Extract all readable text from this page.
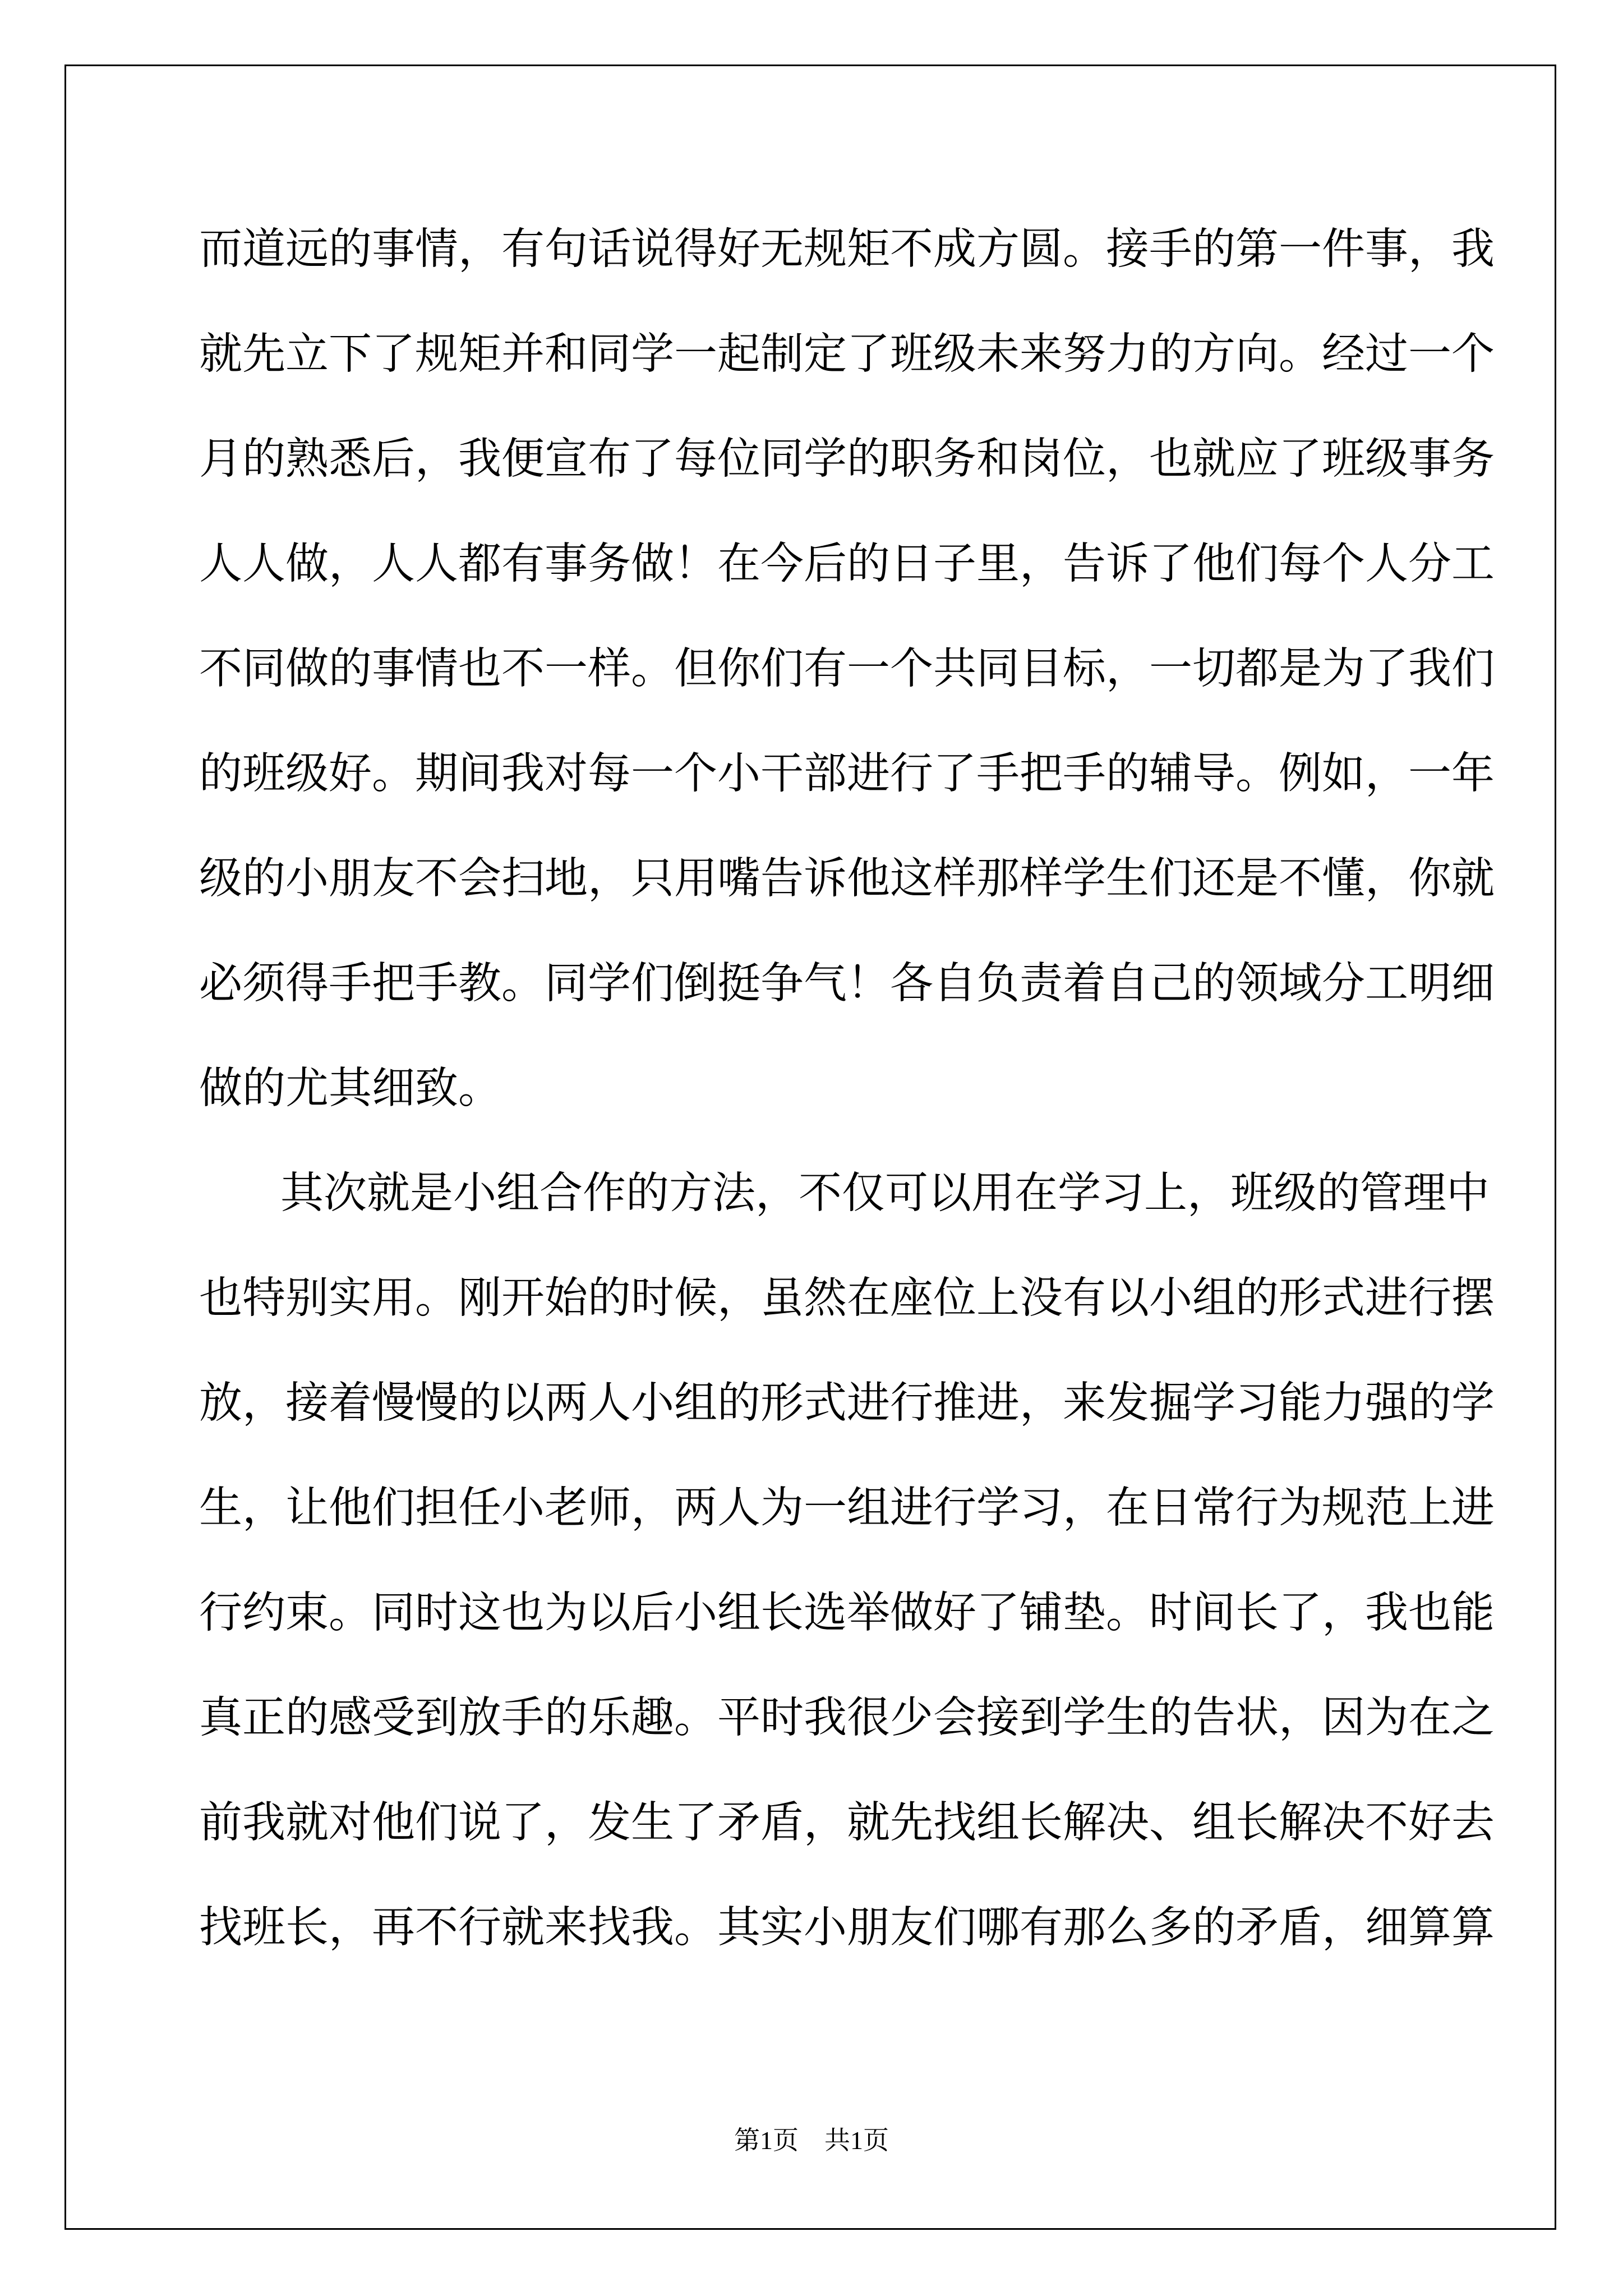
而道远的事情，有句话说得好无规矩不成方圆。接手的第一件事，我
就先立下了规矩并和同学一起制定了班级未来努力的方向。经过一个
月的熟悉后，我便宣布了每位同学的职务和岗位，也就应了班级事务
人人做，人人都有事务做！在今后的日子里，告诉了他们每个人分工
不同做的事情也不一样。但你们有一个共同目标，一切都是为了我们
的班级好。期间我对每一个小干部进行了手把手的辅导。例如，一年
级的小朋友不会扫地，只用嘴告诉他这样那样学生们还是不懂，你就
必须得手把手教。同学们倒挺争气！各自负责着自己的领域分工明细
做的尤其细致。
其次就是小组合作的方法，不仅可以用在学习上，班级的管理中
也特别实用。刚开始的时候，虽然在座位上没有以小组的形式进行摆
放，接着慢慢的以两人小组的形式进行推进，来发掘学习能力强的学
生，让他们担任小老师，两人为一组进行学习，在日常行为规范上进
行约束。同时这也为以后小组长选举做好了铺垫。时间长了，我也能
真正的感受到放手的乐趣。平时我很少会接到学生的告状，因为在之
前我就对他们说了，发生了矛盾，就先找组长解决、组长解决不好去
找班长，再不行就来找我。其实小朋友们哪有那么多的矛盾，细算算
第1页　共1页
